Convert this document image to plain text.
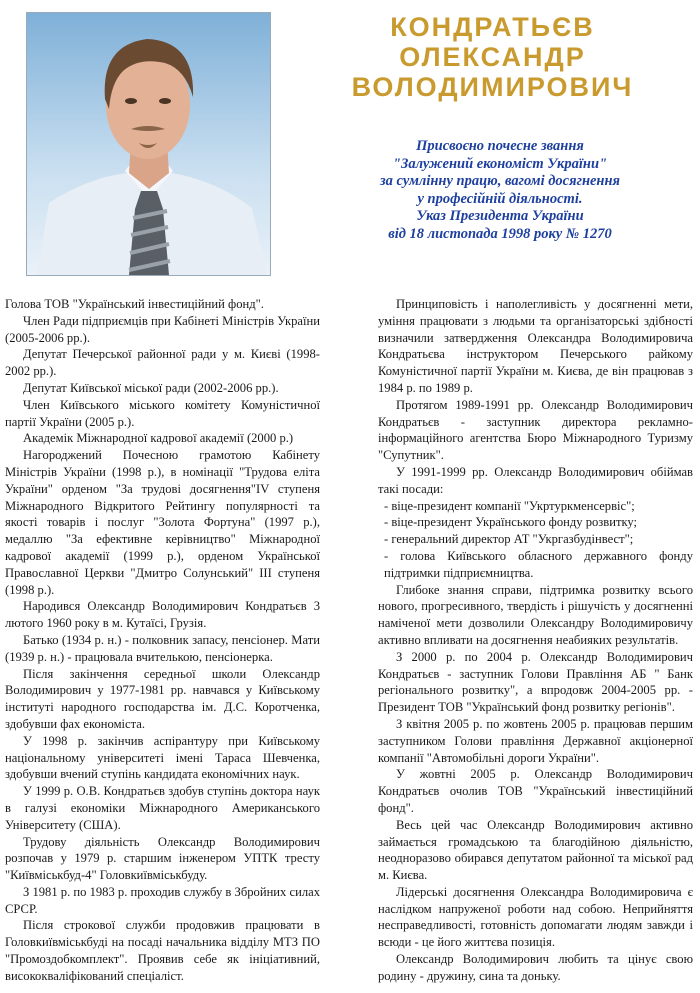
КОНДРАТЬЄВ
ОЛЕКСАНДР
ВОЛОДИМИРОВИЧ
Присвоєно почесне звання
"Залужений економіст України"
за сумлінну працю, вагомі досягнення
у професійній діяльності.
Указ Президента України
від 18 листопада 1998 року № 1270

Голова ТОВ "Український інвестиційний фонд".

Член Ради підприємців при Кабінеті Міністрів України (2005-2006 рр.).

Депутат Печерської районної ради у м. Києві (1998-2002 рр.).

Депутат Київської міської ради (2002-2006 рр.).

Член Київського міського комітету Комуністичної партії України (2005 р.).

Академік Міжнародної кадрової академії (2000 р.)

Нагороджений Почесною грамотою Кабінету Міністрів України (1998 р.), в номінації "Трудова еліта України" орденом "За трудові досягнення"IV ступеня Міжнародного Відкритого Рейтингу популярності та якості товарів і послуг "Золота Фортуна" (1997 р.), медаллю "За ефективне керівництво" Міжнародної кадрової академії (1999 р.), орденом Української Православної Церкви "Дмитро Солунський" III ступеня (1998 р.).

Народився Олександр Володимирович Кондратьєв 3 лютого 1960 року в м. Кутаїсі, Грузія.

Батько (1934 р. н.) - полковник запасу, пенсіонер. Мати (1939 р. н.) - працювала вчителькою, пенсіонерка.

Після закінчення середньої школи Олександр Володимирович у 1977-1981 рр. навчався у Київському інституті народного господарства ім. Д.С. Коротченка, здобувши фах економіста.

У 1998 р. закінчив аспірантуру при Київському національному університеті імені Тараса Шевченка, здобувши вчений ступінь кандидата економічних наук.

У 1999 р. О.В. Кондратьєв здобув ступінь доктора наук в галузі економіки Міжнародного Американського Університету (США).

Трудову діяльність Олександр Володимирович розпочав у 1979 р. старшим інженером УПТК тресту "Київміськбуд-4" Головкиївміськбуду.

З 1981 р. по 1983 р. проходив службу в Збройних силах СРСР.

Після строкової служби продовжив працювати в Головкиївміськбуді на посаді начальника відділу МТЗ ПО "Промоздобкомплект". Проявив себе як ініціативний, висококваліфікований спеціаліст.

Принциповість і наполегливість у досягненні мети, уміння працювати з людьми та організаторські здібності визначили затвердження Олександра Володимировича Кондратьєва інструктором Печерського райкому Комуністичної партії України м. Києва, де він працював з 1984 р. по 1989 р.

Протягом 1989-1991 рр. Олександр Володимирович Кондратьєв - заступник директора рекламно-інформаційного агентства Бюро Міжнародного Туризму "Супутник".

У 1991-1999 рр. Олександр Володимирович обіймав такі посади:

- віце-президент компанії "Укртуркменсервіс";
- віце-президент Українського фонду розвитку;
- генеральний директор АТ "Укргазбудінвест";
- голова Київського обласного державного фонду підтримки підприємництва.

Глибоке знання справи, підтримка розвитку всього нового, прогресивного, твердість і рішучість у досягненні наміченої мети дозволили Олександру Володимировичу активно впливати на досягнення неабияких результатів.

З 2000 р. по 2004 р. Олександр Володимирович Кондратьєв - заступник Голови Правління АБ " Банк регіонального розвитку", а впродовж 2004-2005 рр. - Президент ТОВ "Український фонд розвитку регіонів".

З квітня 2005 р. по жовтень 2005 р. працював першим заступником Голови правління Державної акціонерної компанії "Автомобільні дороги України".

У жовтні 2005 р. Олександр Володимирович Кондратьєв очолив ТОВ "Український інвестиційний фонд".

Весь цей час Олександр Володимирович активно займається громадською та благодійною діяльністю, неодноразово обирався депутатом районної та міської рад м. Києва.

Лідерські досягнення Олександра Володимировича є наслідком напруженої роботи над собою. Неприйняття несправедливості, готовність допомагати людям завжди і всюди - це його життєва позиція.

Олександр Володимирович любить та цінує свою родину - дружину, сина та доньку.
